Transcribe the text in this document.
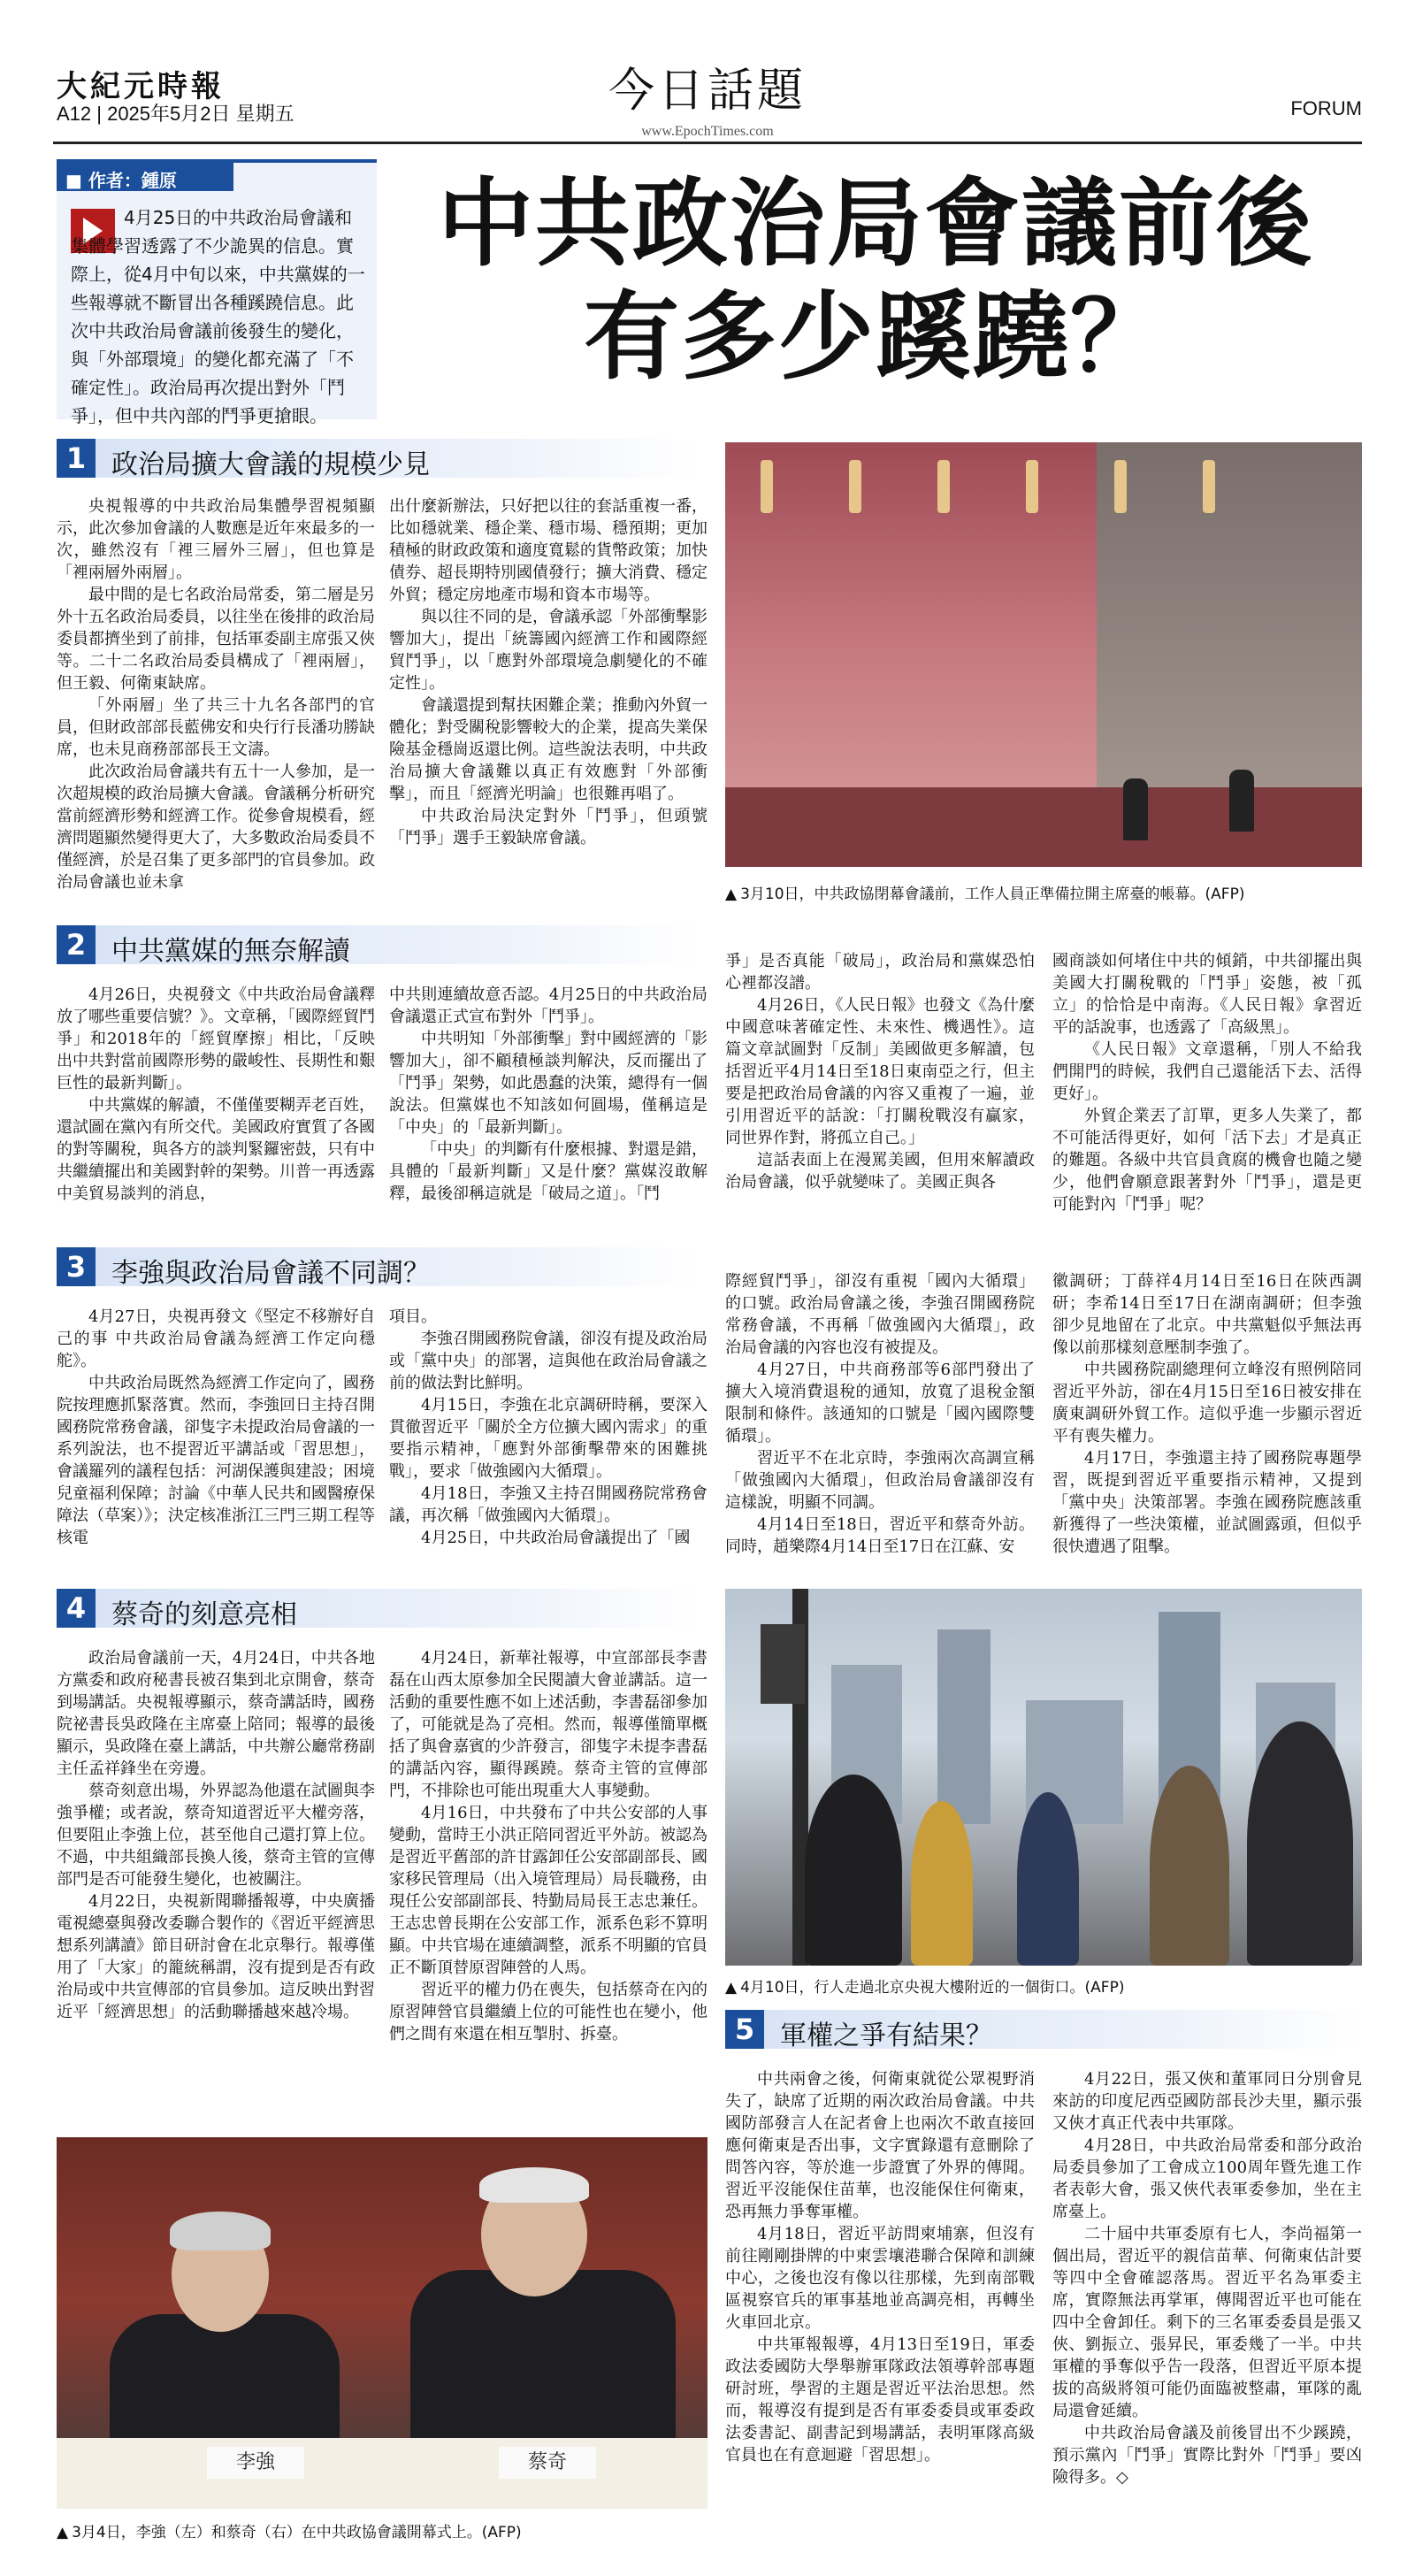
大紀元時報
A12 | 2025年5月2日 星期五	今日話題
www.EpochTimes.com
FORUM
■ 作者：鍾原
4月25日的中共政治局會議和集體學習透露了不少詭異的信息。實際上，從4月中旬以來，中共黨媒的一些報導就不斷冒出各種蹊蹺信息。此次中共政治局會議前後發生的變化，與「外部環境」的變化都充滿了「不確定性」。政治局再次提出對外「鬥爭」，但中共內部的鬥爭更搶眼。
中共政治局會議前後
有多少蹊蹺？
1 政治局擴大會議的規模少見

央視報導的中共政治局集體學習視頻顯示，此次參加會議的人數應是近年來最多的一次，雖然沒有「裡三層外三層」，但也算是「裡兩層外兩層」。

最中間的是七名政治局常委，第二層是另外十五名政治局委員，以往坐在後排的政治局委員都擠坐到了前排，包括軍委副主席張又俠等。二十二名政治局委員構成了「裡兩層」，但王毅、何衛東缺席。

「外兩層」坐了共三十九名各部門的官員，但財政部部長藍佛安和央行行長潘功勝缺席，也未見商務部部長王文濤。

此次政治局會議共有五十一人參加，是一次超規模的政治局擴大會議。會議稱分析研究當前經濟形勢和經濟工作。從參會規模看，經濟問題顯然變得更大了，大多數政治局委員不僅經濟，於是召集了更多部門的官員參加。政治局會議也並未拿

出什麼新辦法，只好把以往的套話重複一番，比如穩就業、穩企業、穩市場、穩預期；更加積極的財政政策和適度寬鬆的貨幣政策；加快債券、超長期特別國債發行；擴大消費、穩定外貿；穩定房地產市場和資本市場等。

與以往不同的是，會議承認「外部衝擊影響加大」，提出「統籌國內經濟工作和國際經貿鬥爭」，以「應對外部環境急劇變化的不確定性」。

會議還提到幫扶困難企業；推動內外貿一體化；對受關稅影響較大的企業，提高失業保險基金穩崗返還比例。這些說法表明，中共政治局擴大會議難以真正有效應對「外部衝擊」，而且「經濟光明論」也很難再唱了。

中共政治局決定對外「鬥爭」，但頭號「鬥爭」選手王毅缺席會議。

▲ 3月10日，中共政協閉幕會議前，工作人員正準備拉開主席臺的帳幕。(AFP)
2 中共黨媒的無奈解讀

4月26日，央視發文《中共政治局會議釋放了哪些重要信號？》。文章稱，「國際經貿鬥爭」和2018年的「經貿摩擦」相比，「反映出中共對當前國際形勢的嚴峻性、長期性和艱巨性的最新判斷」。

中共黨媒的解讀，不僅僅要糊弄老百姓，還試圖在黨內有所交代。美國政府實質了各國的對等關稅，與各方的談判緊鑼密鼓，只有中共繼續擺出和美國對幹的架勢。川普一再透露中美貿易談判的消息，

中共則連續故意否認。4月25日的中共政治局會議還正式宣布對外「鬥爭」。

中共明知「外部衝擊」對中國經濟的「影響加大」，卻不顧積極談判解決，反而擺出了「鬥爭」架勢，如此愚蠢的決策，總得有一個說法。但黨媒也不知該如何圓場，僅稱這是「中央」的「最新判斷」。

「中央」的判斷有什麼根據、對還是錯，具體的「最新判斷」又是什麼？黨媒沒敢解釋，最後卻稱這就是「破局之道」。「鬥

爭」是否真能「破局」，政治局和黨媒恐怕心裡都沒譜。

4月26日，《人民日報》也發文《為什麼中國意味著確定性、未來性、機遇性》。這篇文章試圖對「反制」美國做更多解讀，包括習近平4月14日至18日東南亞之行，但主要是把政治局會議的內容又重複了一遍，並引用習近平的話說：「打關稅戰沒有贏家，同世界作對，將孤立自己。」

這話表面上在漫罵美國，但用來解讀政治局會議，似乎就變味了。美國正與各

國商談如何堵住中共的傾銷，中共卻擺出與美國大打關稅戰的「鬥爭」姿態，被「孤立」的恰恰是中南海。《人民日報》拿習近平的話說事，也透露了「高級黑」。

《人民日報》文章還稱，「別人不給我們開門的時候，我們自己還能活下去、活得更好」。

外貿企業丟了訂單，更多人失業了，都不可能活得更好，如何「活下去」才是真正的難題。各級中共官員貪腐的機會也隨之變少，他們會願意跟著對外「鬥爭」，還是更可能對內「鬥爭」呢？

3 李強與政治局會議不同調？

4月27日，央視再發文《堅定不移辦好自己的事 中共政治局會議為經濟工作定向穩舵》。

中共政治局既然為經濟工作定向了，國務院按理應抓緊落實。然而，李強回日主持召開國務院常務會議，卻隻字未提政治局會議的一系列說法，也不提習近平講話或「習思想」，會議羅列的議程包括：河湖保護與建設；困境兒童福利保障；討論《中華人民共和國醫療保障法（草案）》；決定核准浙江三門三期工程等核電

項目。

李強召開國務院會議，卻沒有提及政治局或「黨中央」的部署，這與他在政治局會議之前的做法對比鮮明。

4月15日，李強在北京調研時稱，要深入貫徹習近平「關於全方位擴大國內需求」的重要指示精神，「應對外部衝擊帶來的困難挑戰」，要求「做強國內大循環」。

4月18日，李強又主持召開國務院常務會議，再次稱「做強國內大循環」。

4月25日，中共政治局會議提出了「國

際經貿鬥爭」，卻沒有重視「國內大循環」的口號。政治局會議之後，李強召開國務院常務會議，不再稱「做強國內大循環」，政治局會議的內容也沒有被提及。

4月27日，中共商務部等6部門發出了擴大入境消費退稅的通知，放寬了退稅金額限制和條件。該通知的口號是「國內國際雙循環」。

習近平不在北京時，李強兩次高調宣稱「做強國內大循環」，但政治局會議卻沒有這樣說，明顯不同調。

4月14日至18日，習近平和蔡奇外訪。同時，趙樂際4月14日至17日在江蘇、安

徽調研；丁薛祥4月14日至16日在陝西調研；李希14日至17日在湖南調研；但李強卻少見地留在了北京。中共黨魁似乎無法再像以前那樣刻意壓制李強了。

中共國務院副總理何立峰沒有照例陪同習近平外訪，卻在4月15日至16日被安排在廣東調研外貿工作。這似乎進一步顯示習近平有喪失權力。

4月17日，李強還主持了國務院專題學習，既提到習近平重要指示精神，又提到「黨中央」決策部署。李強在國務院應該重新獲得了一些決策權，並試圖露頭，但似乎很快遭遇了阻擊。

4 蔡奇的刻意亮相

政治局會議前一天，4月24日，中共各地方黨委和政府秘書長被召集到北京開會，蔡奇到場講話。央視報導顯示，蔡奇講話時，國務院祕書長吳政隆在主席臺上陪同；報導的最後顯示，吳政隆在臺上講話，中共辦公廳常務副主任孟祥鋒坐在旁邊。

蔡奇刻意出場，外界認為他還在試圖與李強爭權；或者說，蔡奇知道習近平大權旁落，但要阻止李強上位，甚至他自己還打算上位。不過，中共組織部長換人後，蔡奇主管的宣傳部門是否可能發生變化，也被關注。

4月22日，央視新聞聯播報導，中央廣播電視總臺與發改委聯合製作的《習近平經濟思想系列講讀》節目研討會在北京舉行。報導僅用了「大家」的籠統稱謂，沒有提到是否有政治局或中共宣傳部的官員參加。這反映出對習近平「經濟思想」的活動聯播越來越冷場。

4月24日，新華社報導，中宣部部長李書磊在山西太原參加全民閱讀大會並講話。這一活動的重要性應不如上述活動，李書磊卻參加了，可能就是為了亮相。然而，報導僅簡單概括了與會嘉賓的少許發言，卻隻字未提李書磊的講話內容，顯得蹊蹺。蔡奇主管的宣傳部門，不排除也可能出現重大人事變動。

4月16日，中共發布了中共公安部的人事變動，當時王小洪正陪同習近平外訪。被認為是習近平舊部的許甘露卸任公安部副部長、國家移民管理局（出入境管理局）局長職務，由現任公安部副部長、特勤局局長王志忠兼任。王志忠曾長期在公安部工作，派系色彩不算明顯。中共官場在連續調整，派系不明顯的官員正不斷頂替原習陣營的人馬。

習近平的權力仍在喪失，包括蔡奇在內的原習陣營官員繼續上位的可能性也在變小，他們之間有來還在相互掣肘、拆臺。

▲ 4月10日，行人走過北京央視大樓附近的一個街口。(AFP)
5 軍權之爭有結果？

中共兩會之後，何衛東就從公眾視野消失了，缺席了近期的兩次政治局會議。中共國防部發言人在記者會上也兩次不敢直接回應何衛東是否出事，文字實錄還有意刪除了問答內容，等於進一步證實了外界的傳聞。習近平沒能保住苗華，也沒能保住何衛東，恐再無力爭奪軍權。

4月18日，習近平訪問柬埔寨，但沒有前往剛剛掛牌的中柬雲壤港聯合保障和訓練中心，之後也沒有像以往那樣，先到南部戰區視察官兵的軍事基地並高調亮相，再轉坐火車回北京。

中共軍報報導，4月13日至19日，軍委政法委國防大學舉辦軍隊政法領導幹部專題研討班，學習的主題是習近平法治思想。然而，報導沒有提到是否有軍委委員或軍委政法委書記、副書記到場講話，表明軍隊高級官員也在有意迴避「習思想」。

4月22日，張又俠和董軍同日分別會見來訪的印度尼西亞國防部長沙夫里，顯示張又俠才真正代表中共軍隊。

4月28日，中共政治局常委和部分政治局委員參加了工會成立100周年暨先進工作者表彰大會，張又俠代表軍委參加，坐在主席臺上。

二十屆中共軍委原有七人，李尚福第一個出局，習近平的親信苗華、何衛東估計要等四中全會確認落馬。習近平名為軍委主席，實際無法再掌軍，傳聞習近平也可能在四中全會卸任。剩下的三名軍委委員是張又俠、劉振立、張昇民，軍委幾了一半。中共軍權的爭奪似乎告一段落，但習近平原本提拔的高級將領可能仍面臨被整肅，軍隊的亂局還會延續。

中共政治局會議及前後冒出不少蹊蹺，預示黨內「鬥爭」實際比對外「鬥爭」要凶險得多。◇

李強	蔡奇
▲ 3月4日，李強（左）和蔡奇（右）在中共政協會議開幕式上。(AFP)
